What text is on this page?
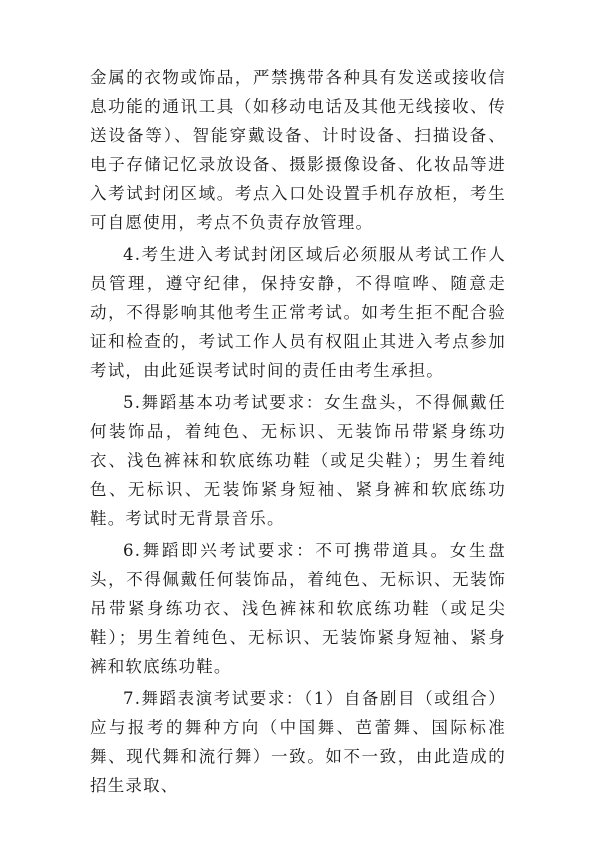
金属的衣物或饰品，严禁携带各种具有发送或接收信息功能的通讯工具（如移动电话及其他无线接收、传送设备等）、智能穿戴设备、计时设备、扫描设备、电子存储记忆录放设备、摄影摄像设备、化妆品等进入考试封闭区域。考点入口处设置手机存放柜，考生可自愿使用，考点不负责存放管理。

4.考生进入考试封闭区域后必须服从考试工作人员管理，遵守纪律，保持安静，不得喧哗、随意走动，不得影响其他考生正常考试。如考生拒不配合验证和检查的，考试工作人员有权阻止其进入考点参加考试，由此延误考试时间的责任由考生承担。

5.舞蹈基本功考试要求：女生盘头，不得佩戴任何装饰品，着纯色、无标识、无装饰吊带紧身练功衣、浅色裤袜和软底练功鞋（或足尖鞋）；男生着纯色、无标识、无装饰紧身短袖、紧身裤和软底练功鞋。考试时无背景音乐。

6.舞蹈即兴考试要求：不可携带道具。女生盘头，不得佩戴任何装饰品，着纯色、无标识、无装饰吊带紧身练功衣、浅色裤袜和软底练功鞋（或足尖鞋）；男生着纯色、无标识、无装饰紧身短袖、紧身裤和软底练功鞋。

7.舞蹈表演考试要求：（1）自备剧目（或组合）应与报考的舞种方向（中国舞、芭蕾舞、国际标准舞、现代舞和流行舞）一致。如不一致，由此造成的招生录取、
